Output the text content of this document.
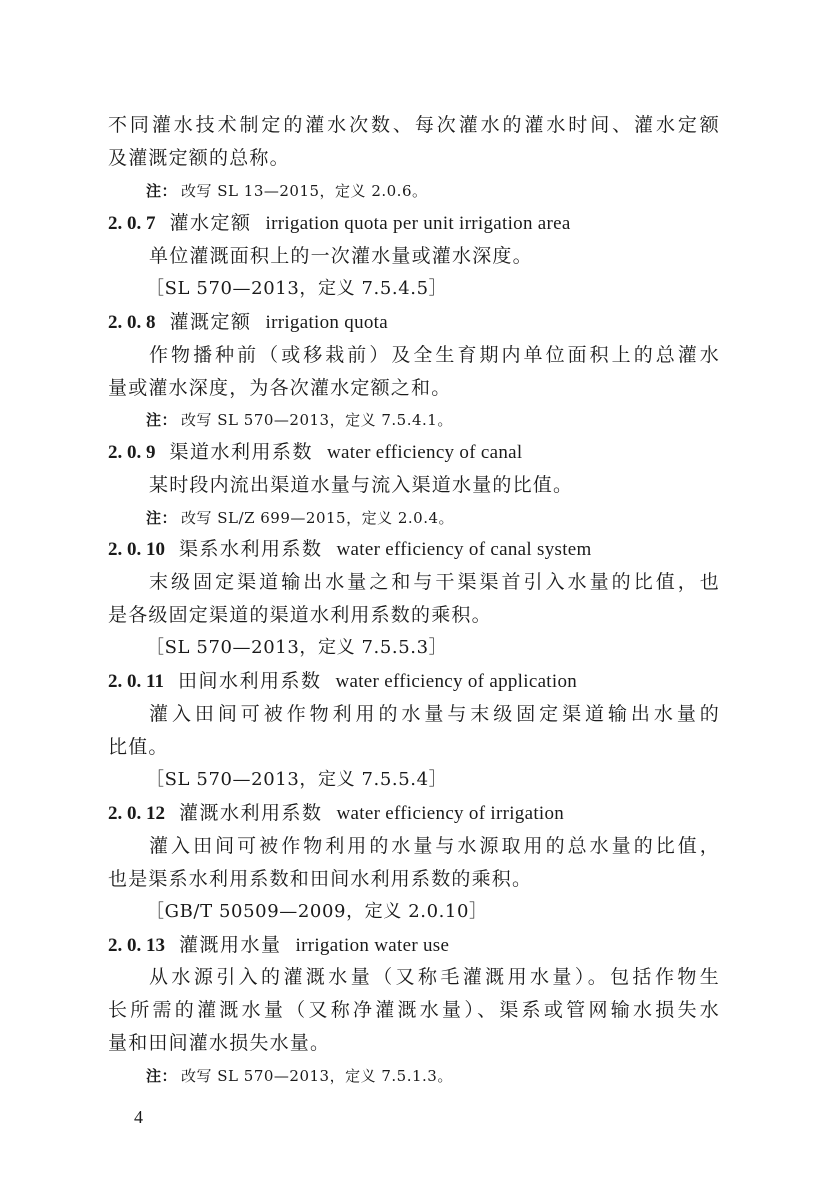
不同灌水技术制定的灌水次数、每次灌水的灌水时间、灌水定额
及灌溉定额的总称。
注： 改写 SL 13—2015，定义 2.0.6。
2. 0. 7 灌水定额 irrigation quota per unit irrigation area
单位灌溉面积上的一次灌水量或灌水深度。
［SL 570—2013，定义 7.5.4.5］
2. 0. 8 灌溉定额 irrigation quota
作物播种前（或移栽前）及全生育期内单位面积上的总灌水
量或灌水深度，为各次灌水定额之和。
注： 改写 SL 570—2013，定义 7.5.4.1。
2. 0. 9 渠道水利用系数 water efficiency of canal
某时段内流出渠道水量与流入渠道水量的比值。
注： 改写 SL/Z 699—2015，定义 2.0.4。
2. 0. 10 渠系水利用系数 water efficiency of canal system
末级固定渠道输出水量之和与干渠渠首引入水量的比值，也
是各级固定渠道的渠道水利用系数的乘积。
［SL 570—2013，定义 7.5.5.3］
2. 0. 11 田间水利用系数 water efficiency of application
灌入田间可被作物利用的水量与末级固定渠道输出水量的
比值。
［SL 570—2013，定义 7.5.5.4］
2. 0. 12 灌溉水利用系数 water efficiency of irrigation
灌入田间可被作物利用的水量与水源取用的总水量的比值，
也是渠系水利用系数和田间水利用系数的乘积。
［GB/T 50509—2009，定义 2.0.10］
2. 0. 13 灌溉用水量 irrigation water use
从水源引入的灌溉水量（又称毛灌溉用水量）。包括作物生
长所需的灌溉水量（又称净灌溉水量）、渠系或管网输水损失水
量和田间灌水损失水量。
注： 改写 SL 570—2013，定义 7.5.1.3。
4
